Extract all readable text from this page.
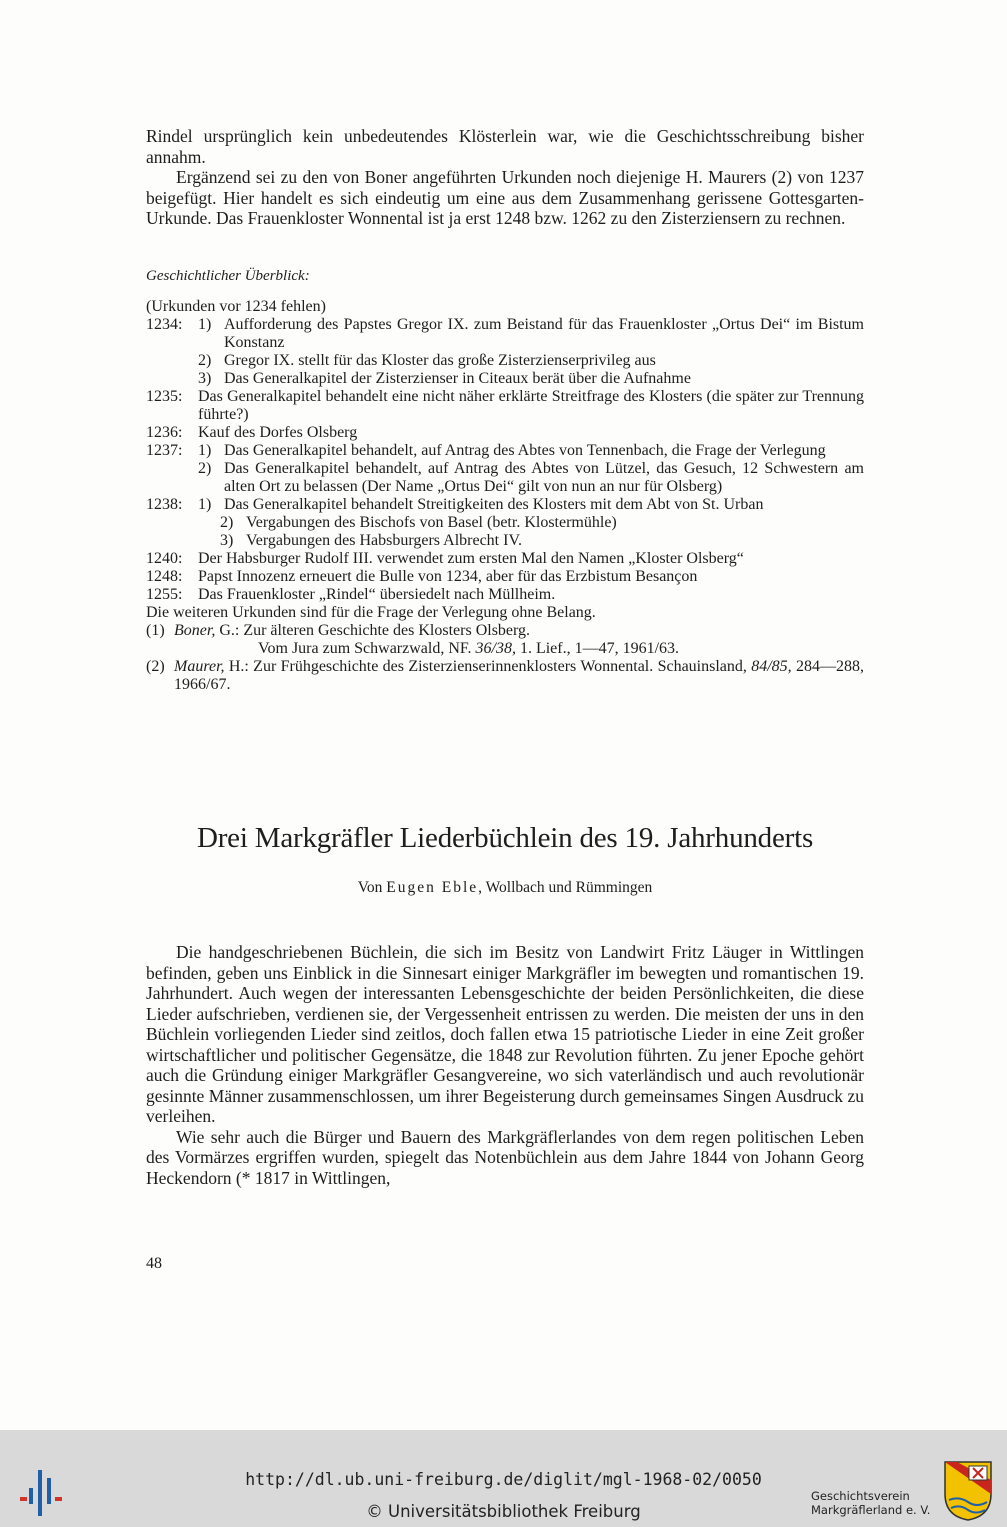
Rindel ursprünglich kein unbedeutendes Klösterlein war, wie die Geschichtsschreibung bisher annahm.

Ergänzend sei zu den von Boner angeführten Urkunden noch diejenige H. Maurers (2) von 1237 beigefügt. Hier handelt es sich eindeutig um eine aus dem Zusammenhang gerissene Gottesgarten-Urkunde. Das Frauenkloster Wonnental ist ja erst 1248 bzw. 1262 zu den Zisterziensern zu rechnen.

Geschichtlicher Überblick:

(Urkunden vor 1234 fehlen)
1234: 1) Aufforderung des Papstes Gregor IX. zum Beistand für das Frauenkloster „Ortus Dei“ im Bistum Konstanz
2) Gregor IX. stellt für das Kloster das große Zisterzienserprivileg aus
3) Das Generalkapitel der Zisterzienser in Citeaux berät über die Aufnahme
1235: Das Generalkapitel behandelt eine nicht näher erklärte Streitfrage des Klosters (die später zur Trennung führte?)
1236: Kauf des Dorfes Olsberg
1237: 1) Das Generalkapitel behandelt, auf Antrag des Abtes von Tennenbach, die Frage der Verlegung
2) Das Generalkapitel behandelt, auf Antrag des Abtes von Lützel, das Gesuch, 12 Schwestern am alten Ort zu belassen (Der Name „Ortus Dei“ gilt von nun an nur für Olsberg)
1238: 1) Das Generalkapitel behandelt Streitigkeiten des Klosters mit dem Abt von St. Urban
2) Vergabungen des Bischofs von Basel (betr. Klostermühle)
3) Vergabungen des Habsburgers Albrecht IV.
1240: Der Habsburger Rudolf III. verwendet zum ersten Mal den Namen „Kloster Olsberg“
1248: Papst Innozenz erneuert die Bulle von 1234, aber für das Erzbistum Besançon
1255: Das Frauenkloster „Rindel“ übersiedelt nach Müllheim.
Die weiteren Urkunden sind für die Frage der Verlegung ohne Belang.
(1) Boner, G.: Zur älteren Geschichte des Klosters Olsberg.
Vom Jura zum Schwarzwald, NF. 36/38, 1. Lief., 1—47, 1961/63.
(2) Maurer, H.: Zur Frühgeschichte des Zisterzienserinnenklosters Wonnental. Schauinsland, 84/85, 284—288, 1966/67.
Drei Markgräfler Liederbüchlein des 19. Jahrhunderts
Von Eugen Eble, Wollbach und Rümmingen

Die handgeschriebenen Büchlein, die sich im Besitz von Landwirt Fritz Läuger in Wittlingen befinden, geben uns Einblick in die Sinnesart einiger Markgräfler im bewegten und romantischen 19. Jahrhundert. Auch wegen der interessanten Lebensgeschichte der beiden Persönlichkeiten, die diese Lieder aufschrieben, verdienen sie, der Vergessenheit entrissen zu werden. Die meisten der uns in den Büchlein vorliegenden Lieder sind zeitlos, doch fallen etwa 15 patriotische Lieder in eine Zeit großer wirtschaftlicher und politischer Gegensätze, die 1848 zur Revolution führten. Zu jener Epoche gehört auch die Gründung einiger Markgräfler Gesangvereine, wo sich vaterländisch und auch revolutionär gesinnte Männer zusammenschlossen, um ihrer Begeisterung durch gemeinsames Singen Ausdruck zu verleihen.

Wie sehr auch die Bürger und Bauern des Markgräflerlandes von dem regen politischen Leben des Vormärzes ergriffen wurden, spiegelt das Notenbüchlein aus dem Jahre 1844 von Johann Georg Heckendorn (* 1817 in Wittlingen,

48
http://dl.ub.uni-freiburg.de/diglit/mgl-1968-02/0050
© Universitätsbibliothek Freiburg
Geschichtsverein
Markgräflerland e. V.
